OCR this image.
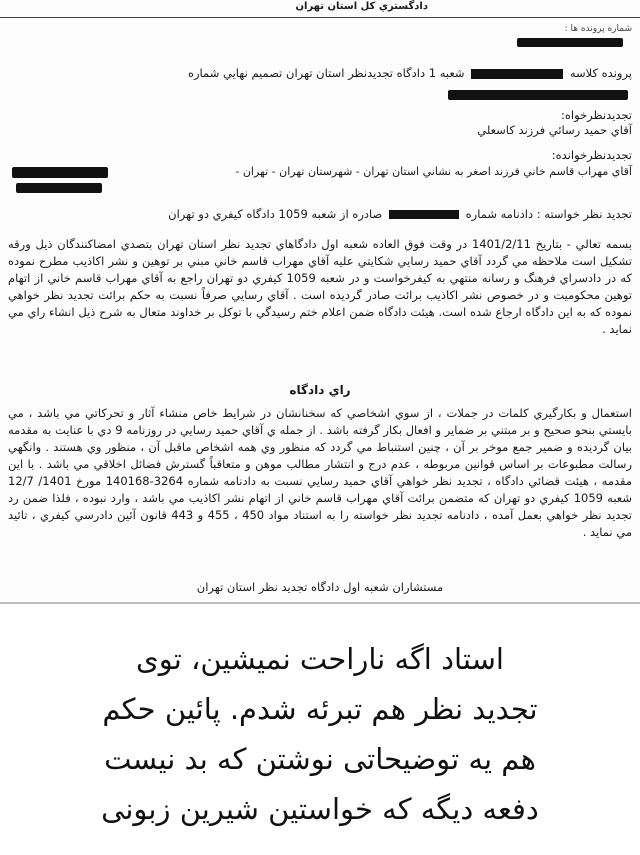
دادگستري کل استان تهران
شماره پرونده ها :
پرونده کلاسه  شعبه 1 دادگاه تجديدنظر استان تهران تصميم نهايي شماره
تجديدنظرخواه:
آقاي حميد رسائي فرزند کاسعلي
تجديدنظرخوانده:
آقاي مهراب قاسم خاني فرزند اصغر به نشاني استان تهران - شهرستان تهران - تهران -
تجديد نظر خواسته : دادنامه شماره  صادره از شعبه 1059 دادگاه کيفري دو تهران
بسمه تعالي - بتاريخ 1401/2/11 در وقت فوق العاده شعبه اول دادگاهاي تجديد نظر استان تهران بتصدي امضاکنندگان ذيل ورقه تشکيل است ملاحظه مي گردد آقاي حميد رسايي شکايتي عليه آقاي مهراب قاسم خاني مبني بر توهين و نشر اکاذيب مطرح نموده که در دادسراي فرهنگ و رسانه منتهي به کيفرخواست و در شعبه 1059 کيفري دو تهران راجع به آقاي مهراب قاسم خاني از اتهام توهين محکوميت و در خصوص نشر اکاذيب برائت صادر گرديده است . آقاي رسايي صرفاً نسبت به حکم برائت تجديد نظر خواهي نموده که به اين دادگاه ارجاع شده است. هيئت دادگاه ضمن اعلام ختم رسيدگي با توکل بر خداوند متعال به شرح ذيل انشاء راي مي نمايد .
راي دادگاه
استعمال و بکارگيري کلمات در جملات ، از سوي اشخاصي که سخنانشان در شرايط خاص منشاء آثار و تحرکاتي مي باشد ، مي بايستي بنحو صحيح و بر مبتني بر ضماير و افعال بکار گرفته باشد . از جمله ي آقاي حميد رسايي در روزنامه 9 دي با عنايت به مقدمه بيان گرديده و ضمير جمع موخر بر آن ، چنين استنباط مي گردد که منظور وي همه اشخاص ماقبل آن ، منظور وي هستند . وانگهي رسالت مطبوعات بر اساس قوانين مربوطه ، عدم درج و انتشار مطالب موهن و متعاقباً گسترش فضائل اخلاقي مي باشد . با اين مقدمه ، هيئت قضائي دادگاه ، تجديد نظر خواهي آقاي حميد رسايي نسبت به دادنامه شماره 3264-140168 مورخ 1401/ 12/7 شعبه 1059 کيفري دو تهران که متضمن برائت آقاي مهراب قاسم خاني از اتهام نشر اکاذيب مي باشد ، وارد نبوده ، فلذا ضمن رد تجديد نظر خواهي بعمل آمده ، دادنامه تجديد نظر خواسته را به استناد مواد 450 ، 455 و 443 قانون آئين دادرسي کيفري ، تائيد مي نمايد .
مستشاران شعبه اول دادگاه تجديد نظر استان تهران
استاد اگه ناراحت نمیشین، توی
تجدید نظر هم تبرئه شدم. پائین حکم
هم یه توضیحاتی نوشتن که بد نیست
دفعه دیگه که خواستین شیرین زبونی
